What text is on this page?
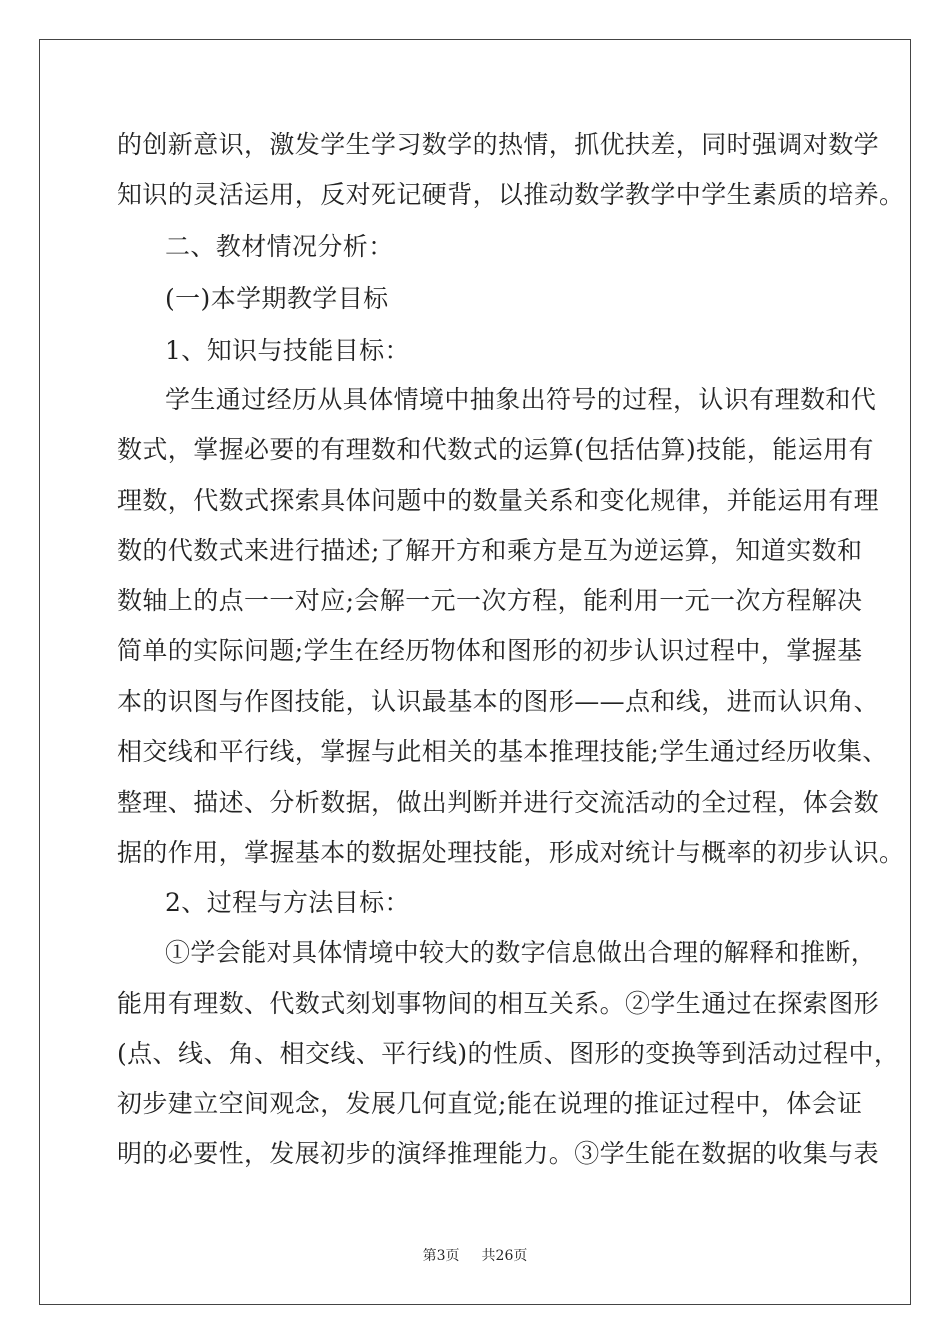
的创新意识，激发学生学习数学的热情，抓优扶差，同时强调对数学
知识的灵活运用，反对死记硬背，以推动数学教学中学生素质的培养。
二、教材情况分析：
(一)本学期教学目标
1、知识与技能目标：
学生通过经历从具体情境中抽象出符号的过程，认识有理数和代
数式，掌握必要的有理数和代数式的运算(包括估算)技能，能运用有
理数，代数式探索具体问题中的数量关系和变化规律，并能运用有理
数的代数式来进行描述;了解开方和乘方是互为逆运算，知道实数和
数轴上的点一一对应;会解一元一次方程，能利用一元一次方程解决
简单的实际问题;学生在经历物体和图形的初步认识过程中，掌握基
本的识图与作图技能，认识最基本的图形——点和线，进而认识角、
相交线和平行线，掌握与此相关的基本推理技能;学生通过经历收集、
整理、描述、分析数据，做出判断并进行交流活动的全过程，体会数
据的作用，掌握基本的数据处理技能，形成对统计与概率的初步认识。
2、过程与方法目标：
①学会能对具体情境中较大的数字信息做出合理的解释和推断，
能用有理数、代数式刻划事物间的相互关系。②学生通过在探索图形
(点、线、角、相交线、平行线)的性质、图形的变换等到活动过程中，
初步建立空间观念，发展几何直觉;能在说理的推证过程中，体会证
明的必要性，发展初步的演绎推理能力。③学生能在数据的收集与表
第3页 共26页
